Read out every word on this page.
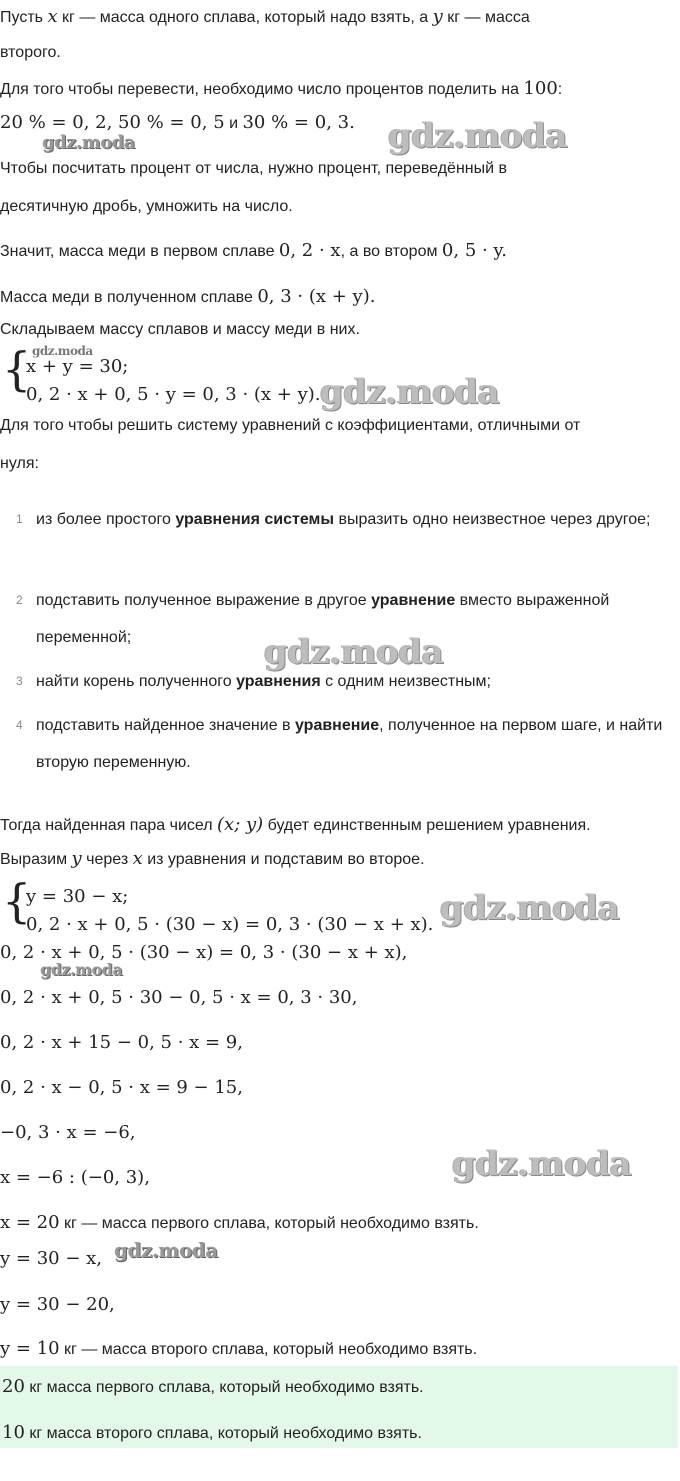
Пусть x кг — масса одного сплава, который надо взять, а y кг — масса
второго.
Для того чтобы перевести, необходимо число процентов поделить на 100:
20 % = 0, 2, 50 % = 0, 5 и 30 % = 0, 3.
Чтобы посчитать процент от числа, нужно процент, переведённый в
десятичную дробь, умножить на число.
Значит, масса меди в первом сплаве 0, 2 · x, а во втором 0, 5 · y.
Масса меди в полученном сплаве 0, 3 · (x + y).
Складываем массу сплавов и массу меди в них.
{
x + y = 30;
0, 2 · x + 0, 5 · y = 0, 3 · (x + y).
Для того чтобы решить систему уравнений с коэффициентами, отличными от
нуля:
1 из более простого уравнения системы выразить одно неизвестное через другое;
2 подставить полученное выражение в другое уравнение вместо выраженной переменной;
3 найти корень полученного уравнения с одним неизвестным;
4 подставить найденное значение в уравнение, полученное на первом шаге, и найти вторую переменную.
Тогда найденная пара чисел (x; y) будет единственным решением уравнения.
Выразим y через x из уравнения и подставим во второе.
{
y = 30 − x;
0, 2 · x + 0, 5 · (30 − x) = 0, 3 · (30 − x + x).
0, 2 · x + 0, 5 · (30 − x) = 0, 3 · (30 − x + x),
0, 2 · x + 0, 5 · 30 − 0, 5 · x = 0, 3 · 30,
0, 2 · x + 15 − 0, 5 · x = 9,
0, 2 · x − 0, 5 · x = 9 − 15,
−0, 3 · x = −6,
x = −6 : (−0, 3),
x = 20 кг — масса первого сплава, который необходимо взять.
y = 30 − x,
y = 30 − 20,
y = 10 кг — масса второго сплава, который необходимо взять.
20 кг масса первого сплава, который необходимо взять.
10 кг масса второго сплава, который необходимо взять.
gdz.moda	gdz.moda
gdz.moda
gdz.moda
gdz.moda
gdz.moda
gdz.moda
gdz.moda
gdz.moda
